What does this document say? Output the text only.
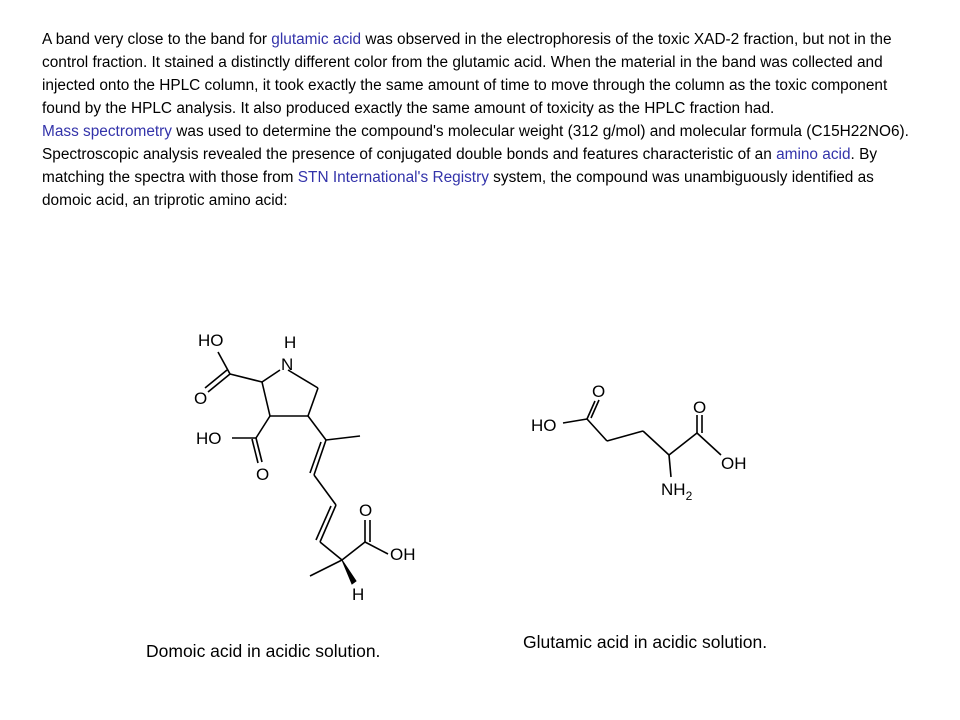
A band very close to the band for glutamic acid was observed in the electrophoresis of the toxic XAD-2 fraction, but not in the control fraction. It stained a distinctly different color from the glutamic acid. When the material in the band was collected and injected onto the HPLC column, it took exactly the same amount of time to move through the column as the toxic component found by the HPLC analysis. It also produced exactly the same amount of toxicity as the HPLC fraction had.

Mass spectrometry was used to determine the compound's molecular weight (312 g/mol) and molecular formula (C15H22NO6). Spectroscopic analysis revealed the presence of conjugated double bonds and features characteristic of an amino acid. By matching the spectra with those from STN International's Registry system, the compound was unambiguously identified as domoic acid, an triprotic amino acid:

HO	H
N
O
HO
O
O
OH
H
HO
O
O
OH
$NH_2$
Domoic acid in acidic solution.	Glutamic acid in acidic solution.
